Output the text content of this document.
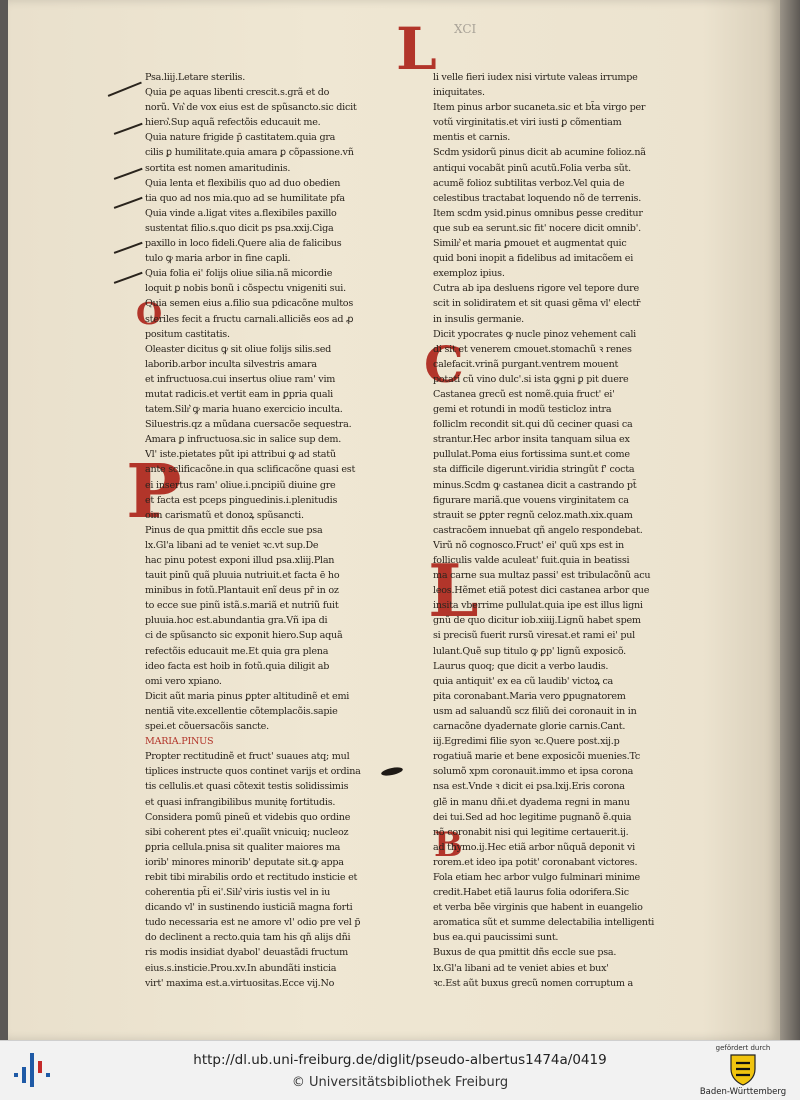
L XCI
O
P
C
L
B
Psa.liij.Letare sterilis.
Quia ꝑe aquas libenti crescit.s.grã et do
norũ. Vn͛ de vox eius est de spũsancto.sic dicit
hiero͛.Sup aquã refectõis educauit me.
Quia nature frigide p̄ castitatem.quia gra
cilis ꝑ humilitate.quia amara ꝑ cõpassione.vñ
sortita est nomen amaritudinis.
Quia lenta et flexibilis quo ad duo obedien
tia quo ad nos mia.quo ad se humilitate pfa
Quia vinde a.ligat vites a.flexibiles paxillo
sustentat filio.s.quo dicit ps psa.xxij.Ciga
paxillo in loco fideli.Quere alia de falicibus
tulo ꝙ maria arbor in fine capli.
Quia folia ei' folijs oliue silia.nã micordie
loquit ꝑ nobis bonũ i cõspectu vnigeniti sui.
Quia semen eius a.filio sua pdicacõne multos
steriles fecit a fructu carnali.alliciẽs eos ad ꝓ
positum castitatis.
Oleaster dicitus ꝙ sit oliue folijs silis.sed
laborib.arbor inculta silvestris amara
et infructuosa.cui insertus oliue ram' vim
mutat radicis.et vertit eam in ꝑpria quali
tatem.Silr͛ ꝙ maria huano exercicio inculta.
Siluestris.qz a mũdana cuersacõe sequestra.
Amara ꝑ infructuosa.sic in salice sup dem.
Vl' iste.pietates pũt ipi attribui ꝙ ad statũ
ante sclificacõne.in qua sclificacõne quasi est
ei insertus ram' oliue.i.pncipiũ diuine gre
et facta est pceps pinguedinis.i.plenitudis
oim carismatũ et donoꝝ spũsancti.
Pinus de qua pmittit dñs eccle sue psa
lx.Gl'a libani ad te veniet ꝛc.vt sup.De
hac pinu potest exponi illud psa.xliij.Plan
tauit pinũ quã pluuia nutriuit.et facta ē ho
minibus in fotũ.Plantauit enĩ deus pr̄ in oz
to ecce sue pinũ istã.s.mariã et nutriũ fuit
pluuia.hoc est.abundantia gra.Vñ ipa di
ci de spũsancto sic exponit hiero.Sup aquã
refectõis educauit me.Et quia gra plena
ideo facta est hoib in fotũ.quia diligit ab
omi vero xpiano.
Dicit aũt maria pinus ꝑpter altitudinẽ et emi
nentiã vite.excellentie cõtemplacõis.sapie
spei.et cõuersacõis sancte.
MARIA.PINUS
Propter rectitudinẽ et fruct' suaues atq; mul
tiplices instructe quos continet varijs et ordina
tis cellulis.et quasi cõtexit testis solidissimis
et quasi infrangibilibus munitę fortitudis.
Considera pomũ pineũ et videbis quo ordine
sibi coherent ptes ei'.quaĩit vnicuiq; nucleoz
ꝑpria cellula.pnisa sit qualiter maiores ma
iorib' minores minorib' deputate sit.ꝙ appa
rebit tibi mirabilis ordo et rectitudo insticie et
coherentia pt̃i ei'.Silr͛ viris iustis vel in iu
dicando vl' in sustinendo iusticiã magna forti
tudo necessaria est ne amore vl' odio pre vel p̃
do declinent a recto.quia tam his qñ alijs dñi
ris modis insidiat dyabol' deuastãdi fructum
eius.s.insticie.Prou.xv.In abundãti insticia
virt' maxima est.a.virtuositas.Ecce vij.No
li velle fieri iudex nisi virtute valeas irrumpe
iniquitates.
Item pinus arbor sucaneta.sic et bt̃a virgo per
votũ virginitatis.et viri iusti ꝑ cõmentiam
mentis et carnis.
Scdm ysidorũ pinus dicit ab acumine folioz.nã
antiqui vocabãt pinũ acutũ.Folia verba sũt.
acumẽ folioz subtilitas verboz.Vel quia de
celestibus tractabat loquendo nõ de terrenis.
Item scdm ysid.pinus omnibus ꝑesse creditur
que sub ea serunt.sic fit' nocere dicit omnib'.
Similr͛ et maria ꝑmouet et augmentat quic
quid boni inopit a fidelibus ad imitacõem ei
exemploz ipius.
Cutra ab ipa desluens rigore vel tepore dure
scit in solidiratem et sit quasi gẽma vl' electr̃
in insulis germanie.
Dicit ypocrates ꝙ nucle pinoz vehement cali
di sit et venerem cmouet.stomachũ ꝛ renes
calefacit.vrinã purgant.ventrem mouent
potati cũ vino dulc'.si ista ꝙgni ꝑ pit duere
Castanea grecũ est nomẽ.quia fruct' ei'
gemi et rotundi in modũ testicloz intra
folliclm recondit sit.qui dũ ceciner quasi ca
strantur.Hec arbor insita tanquam silua ex
pullulat.Poma eius fortissima sunt.et come
sta difficile digerunt.viridia stringũt f' cocta
minus.Scdm ꝙ castanea dicit a castrando pt̃
figurare mariã.que vouens virginitatem ca
strauit se ꝑpter regnũ celoz.math.xix.quam
castracõem innuebat qñ angelo respondebat.
Virũ nõ cognosco.Fruct' ei' quũ xps est in
folliculis valde aculeat' fuit.quia in beatissi
ma carne sua multaz passi' est tribulacõnũ acu
leos.Hẽmet etiã potest dici castanea arbor que
insita vberrime pullulat.quia ipe est illus ligni
gnũ de quo dicitur iob.xiiij.Lignũ habet spem
si precisũ fuerit rursũ viresat.et rami ei' pul
lulant.Quẽ sup titulo ꝙ ꝑp' lignũ exposicõ.
Laurus quoq; que dicit a verbo laudis.
quia antiquit' ex ea cũ laudib' victoꝝ ca
pita coronabant.Maria vero ꝑpugnatorem
usm ad saluandũ scz filiũ dei coronauit in in
carnacõne dyadernate glorie carnis.Cant.
iij.Egredimi filie syon ꝛc.Quere post.xij.p
rogatiuã marie et bene exposicõi muenies.Tc
solumõ xpm coronauit.immo et ipsa corona
nsa est.Vnde ꝛ dicit ei psa.lxij.Eris corona
glẽ in manu dñi.et dyadema regni in manu
dei tui.Sed ad hoc legitime pugnanõ ẽ.quia
nõ coronabit nisi qui legitime certauerit.ij.
ad thymo.ij.Hec etiã arbor nũquã deponit vi
rorem.et ideo ipa potit' coronabant victores.
Fola etiam hec arbor vulgo fulminari minime
credit.Habet etiã laurus folia odorifera.Sic
et verba bẽe virginis que habent in euangelio
aromatica sũt et summe delectabilia intelligenti
bus ea.qui paucissimi sunt.
Buxus de qua pmittit dñs eccle sue psa.
lx.Gl'a libani ad te veniet abies et bux'
ꝛc.Est aũt buxus grecũ nomen corruptum a
http://dl.ub.uni-freiburg.de/diglit/pseudo-albertus1474a/0419
© Universitätsbibliothek Freiburg
gefördert durch
Baden-Württemberg
